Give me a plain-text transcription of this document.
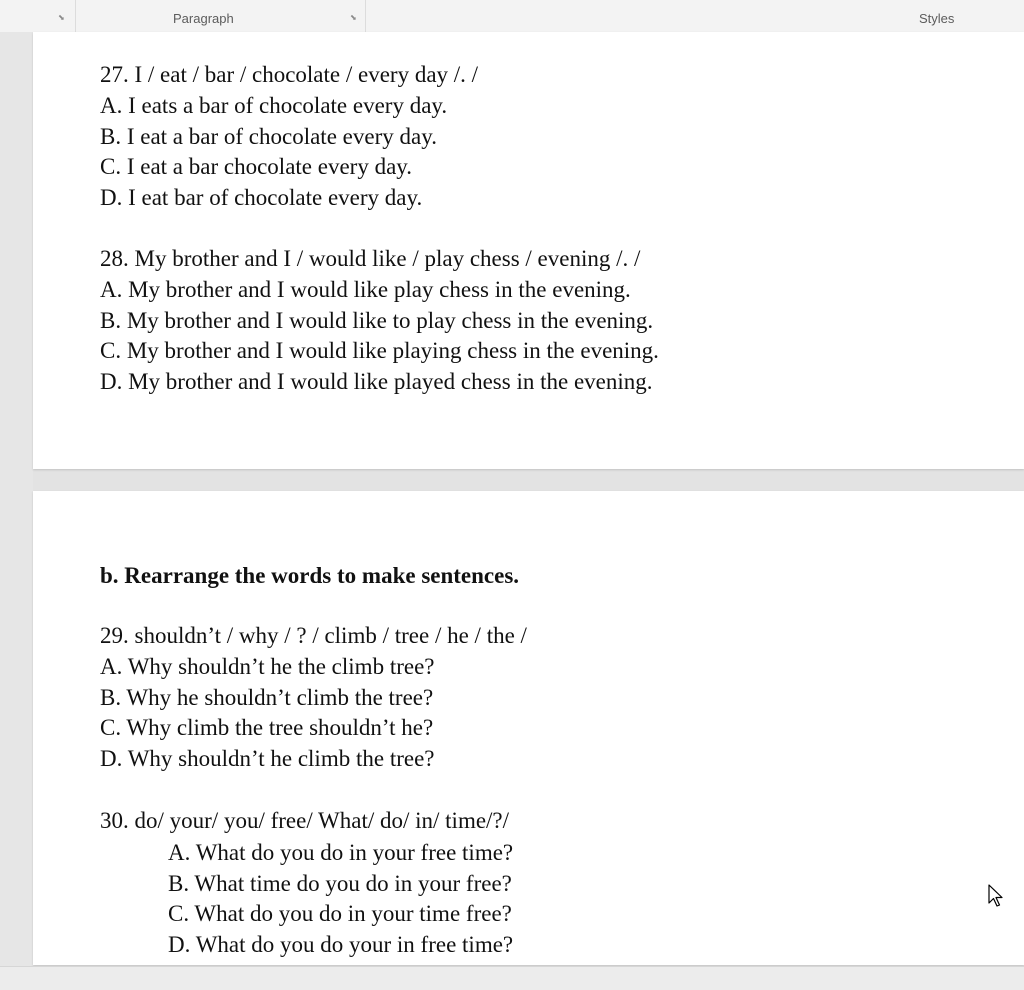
⬊	Paragraph	⬊	Styles
27. I / eat / bar / chocolate / every day /. /
A. I eats a bar of chocolate every day.
B. I eat a bar of chocolate every day.
C. I eat a bar chocolate every day.
D. I eat bar of chocolate every day.
28. My brother and I / would like / play chess / evening /. /
A. My brother and I would like play chess in the evening.
B. My brother and I would like to play chess in the evening.
C. My brother and I would like playing chess in the evening.
D. My brother and I would like played chess in the evening.
b. Rearrange the words to make sentences.
29. shouldn’t / why / ? / climb / tree / he / the /
A. Why shouldn’t he the climb tree?
B. Why he shouldn’t climb the tree?
C. Why climb the tree shouldn’t he?
D. Why shouldn’t he climb the tree?
30. do/ your/ you/ free/ What/ do/ in/ time/?/
A. What do you do in your free time?
B. What time do you do in your free?
C. What do you do in your time free?
D. What do you do your in free time?
